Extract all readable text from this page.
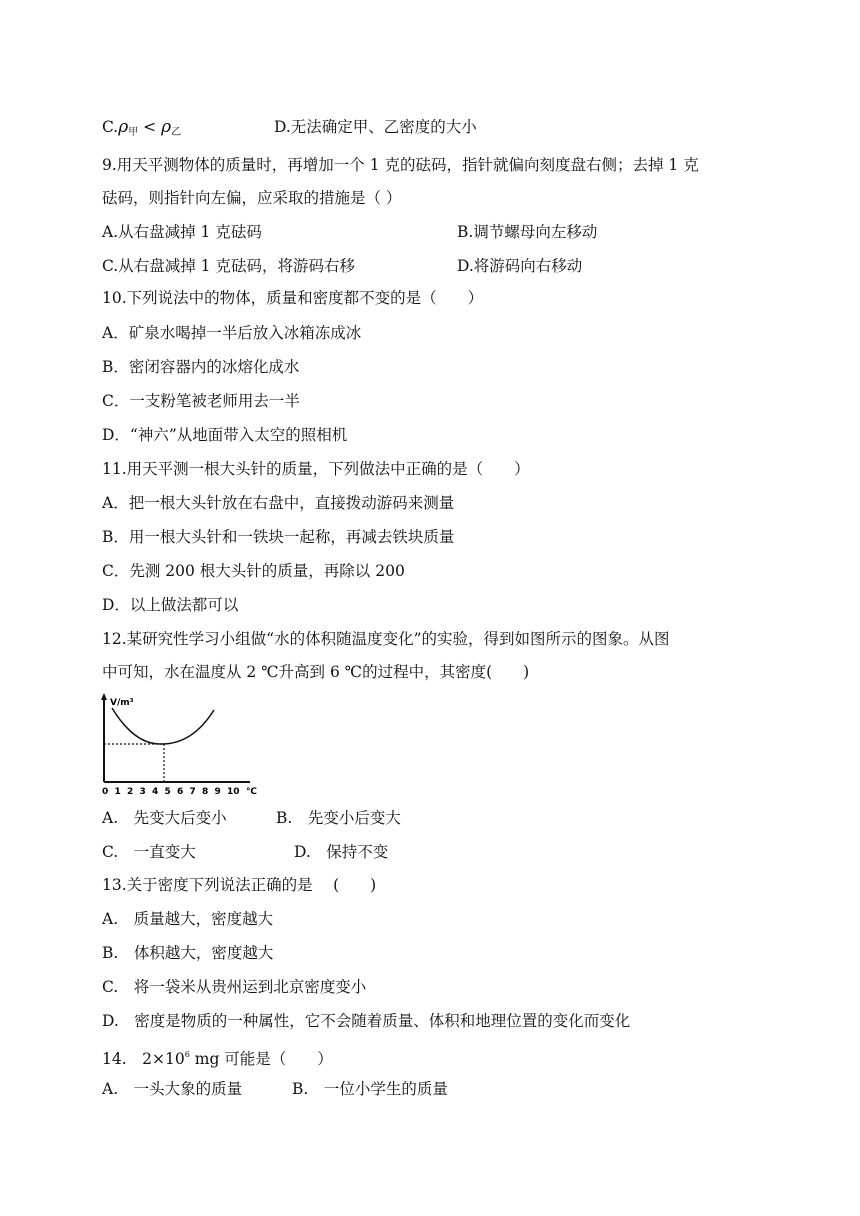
$C.\rho_甲 < \rho_乙$	D.无法确定甲、乙密度的大小
9.用天平测物体的质量时，再增加一个 1 克的砝码，指针就偏向刻度盘右侧；去掉 1 克
砝码，则指针向左偏，应采取的措施是（ ）
A.从右盘减掉 1 克砝码	B.调节螺母向左移动
C.从右盘减掉 1 克砝码，将游码右移	D.将游码向右移动
10.下列说法中的物体，质量和密度都不变的是（　　）
A．矿泉水喝掉一半后放入冰箱冻成冰
B．密闭容器内的冰熔化成水
C．一支粉笔被老师用去一半
D．“神六”从地面带入太空的照相机
11.用天平测一根大头针的质量，下列做法中正确的是（　　）
A．把一根大头针放在右盘中，直接拨动游码来测量
B．用一根大头针和一铁块一起称，再减去铁块质量
C．先测 200 根大头针的质量，再除以 200
D．以上做法都可以
12.某研究性学习小组做“水的体积随温度变化”的实验，得到如图所示的图象。从图
中可知，水在温度从 2 ℃升高到 6 ℃的过程中，其密度(　　)
V/m³
0 1 2 3 4 5 6 7 8 9 10 ℃
A.　先变大后变小	B.　先变小后变大
C.　一直变大	D.　保持不变
13.关于密度下列说法正确的是　 (　　)
A.　质量越大，密度越大
B.　体积越大，密度越大
C.　将一袋米从贵州运到北京密度变小
D.　密度是物质的一种属性，它不会随着质量、体积和地理位置的变化而变化
14.　$2\times 10^6$ mg 可能是（　　）
A.　一头大象的质量	B.　一位小学生的质量
